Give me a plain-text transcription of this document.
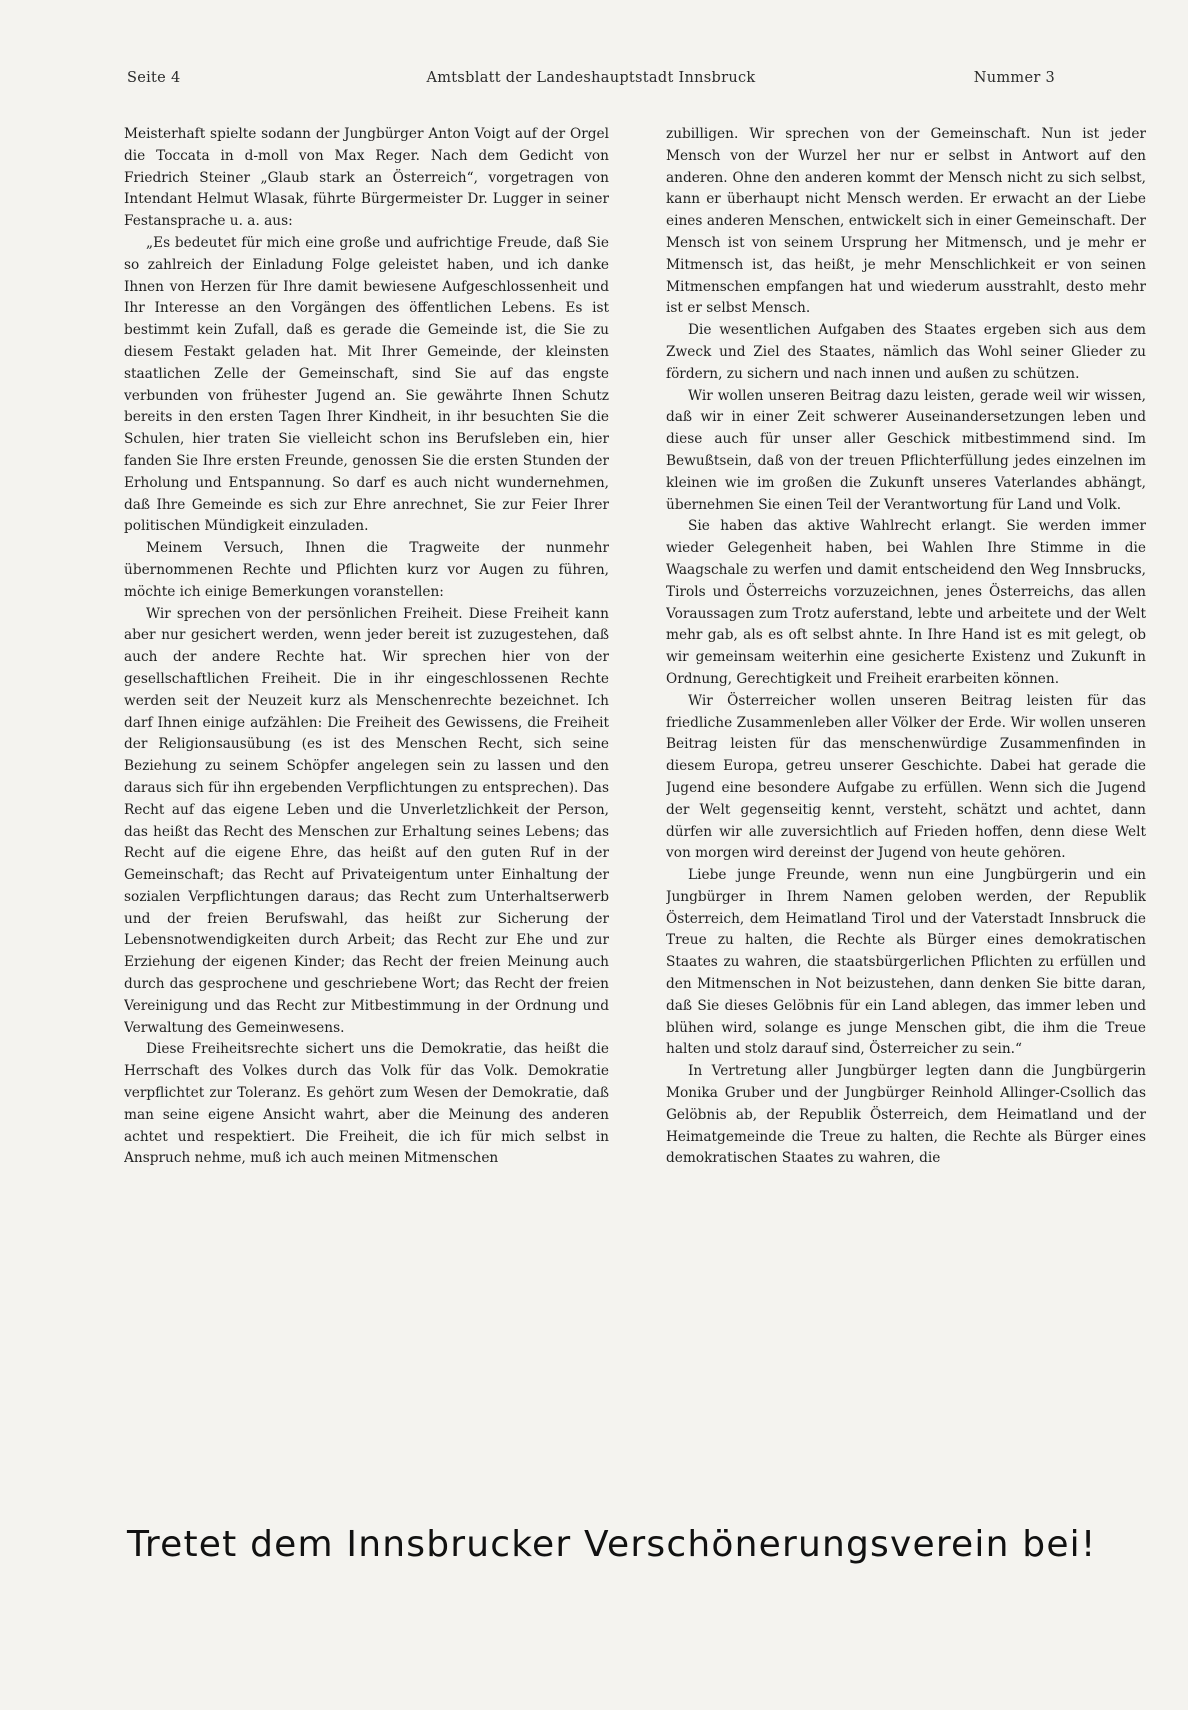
Seite 4	Amtsblatt der Landeshauptstadt Innsbruck	Nummer 3

Meisterhaft spielte sodann der Jungbürger Anton Voigt auf der Orgel die Toccata in d-moll von Max Reger. Nach dem Gedicht von Friedrich Steiner „Glaub stark an Österreich“, vorgetragen von Intendant Helmut Wlasak, führte Bürgermeister Dr. Lugger in seiner Festansprache u. a. aus:

„Es bedeutet für mich eine große und aufrichtige Freude, daß Sie so zahlreich der Einladung Folge geleistet haben, und ich danke Ihnen von Herzen für Ihre damit bewiesene Aufgeschlossenheit und Ihr Interesse an den Vorgängen des öffentlichen Lebens. Es ist bestimmt kein Zufall, daß es gerade die Gemeinde ist, die Sie zu diesem Festakt geladen hat. Mit Ihrer Gemeinde, der kleinsten staatlichen Zelle der Gemeinschaft, sind Sie auf das engste verbunden von frühester Jugend an. Sie gewährte Ihnen Schutz bereits in den ersten Tagen Ihrer Kindheit, in ihr besuchten Sie die Schulen, hier traten Sie vielleicht schon ins Berufsleben ein, hier fanden Sie Ihre ersten Freunde, genossen Sie die ersten Stunden der Erholung und Entspannung. So darf es auch nicht wundernehmen, daß Ihre Gemeinde es sich zur Ehre anrechnet, Sie zur Feier Ihrer politischen Mündigkeit einzuladen.

Meinem Versuch, Ihnen die Tragweite der nunmehr übernommenen Rechte und Pflichten kurz vor Augen zu führen, möchte ich einige Bemerkungen voranstellen:

Wir sprechen von der persönlichen Freiheit. Diese Freiheit kann aber nur gesichert werden, wenn jeder bereit ist zuzugestehen, daß auch der andere Rechte hat. Wir sprechen hier von der gesellschaftlichen Freiheit. Die in ihr eingeschlossenen Rechte werden seit der Neuzeit kurz als Menschenrechte bezeichnet. Ich darf Ihnen einige aufzählen: Die Freiheit des Gewissens, die Freiheit der Religionsausübung (es ist des Menschen Recht, sich seine Beziehung zu seinem Schöpfer angelegen sein zu lassen und den daraus sich für ihn ergebenden Verpflichtungen zu entsprechen). Das Recht auf das eigene Leben und die Unverletzlichkeit der Person, das heißt das Recht des Menschen zur Erhaltung seines Lebens; das Recht auf die eigene Ehre, das heißt auf den guten Ruf in der Gemeinschaft; das Recht auf Privateigentum unter Einhaltung der sozialen Verpflichtungen daraus; das Recht zum Unterhaltserwerb und der freien Berufswahl, das heißt zur Sicherung der Lebensnotwendigkeiten durch Arbeit; das Recht zur Ehe und zur Erziehung der eigenen Kinder; das Recht der freien Meinung auch durch das gesprochene und geschriebene Wort; das Recht der freien Vereinigung und das Recht zur Mitbestimmung in der Ordnung und Verwaltung des Gemeinwesens.

Diese Freiheitsrechte sichert uns die Demokratie, das heißt die Herrschaft des Volkes durch das Volk für das Volk. Demokratie verpflichtet zur Toleranz. Es gehört zum Wesen der Demokratie, daß man seine eigene Ansicht wahrt, aber die Meinung des anderen achtet und respektiert. Die Freiheit, die ich für mich selbst in Anspruch nehme, muß ich auch meinen Mitmenschen

zubilligen. Wir sprechen von der Gemeinschaft. Nun ist jeder Mensch von der Wurzel her nur er selbst in Antwort auf den anderen. Ohne den anderen kommt der Mensch nicht zu sich selbst, kann er überhaupt nicht Mensch werden. Er erwacht an der Liebe eines anderen Menschen, entwickelt sich in einer Gemeinschaft. Der Mensch ist von seinem Ursprung her Mitmensch, und je mehr er Mitmensch ist, das heißt, je mehr Menschlichkeit er von seinen Mitmenschen empfangen hat und wiederum ausstrahlt, desto mehr ist er selbst Mensch.

Die wesentlichen Aufgaben des Staates ergeben sich aus dem Zweck und Ziel des Staates, nämlich das Wohl seiner Glieder zu fördern, zu sichern und nach innen und außen zu schützen.

Wir wollen unseren Beitrag dazu leisten, gerade weil wir wissen, daß wir in einer Zeit schwerer Auseinandersetzungen leben und diese auch für unser aller Geschick mitbestimmend sind. Im Bewußtsein, daß von der treuen Pflichterfüllung jedes einzelnen im kleinen wie im großen die Zukunft unseres Vaterlandes abhängt, übernehmen Sie einen Teil der Verantwortung für Land und Volk.

Sie haben das aktive Wahlrecht erlangt. Sie werden immer wieder Gelegenheit haben, bei Wahlen Ihre Stimme in die Waagschale zu werfen und damit entscheidend den Weg Innsbrucks, Tirols und Österreichs vorzuzeichnen, jenes Österreichs, das allen Voraussagen zum Trotz auferstand, lebte und arbeitete und der Welt mehr gab, als es oft selbst ahnte. In Ihre Hand ist es mit gelegt, ob wir gemeinsam weiterhin eine gesicherte Existenz und Zukunft in Ordnung, Gerechtigkeit und Freiheit erarbeiten können.

Wir Österreicher wollen unseren Beitrag leisten für das friedliche Zusammenleben aller Völker der Erde. Wir wollen unseren Beitrag leisten für das menschenwürdige Zusammenfinden in diesem Europa, getreu unserer Geschichte. Dabei hat gerade die Jugend eine besondere Aufgabe zu erfüllen. Wenn sich die Jugend der Welt gegenseitig kennt, versteht, schätzt und achtet, dann dürfen wir alle zuversichtlich auf Frieden hoffen, denn diese Welt von morgen wird dereinst der Jugend von heute gehören.

Liebe junge Freunde, wenn nun eine Jungbürgerin und ein Jungbürger in Ihrem Namen geloben werden, der Republik Österreich, dem Heimatland Tirol und der Vaterstadt Innsbruck die Treue zu halten, die Rechte als Bürger eines demokratischen Staates zu wahren, die staatsbürgerlichen Pflichten zu erfüllen und den Mitmenschen in Not beizustehen, dann denken Sie bitte daran, daß Sie dieses Gelöbnis für ein Land ablegen, das immer leben und blühen wird, solange es junge Menschen gibt, die ihm die Treue halten und stolz darauf sind, Österreicher zu sein.“

In Vertretung aller Jungbürger legten dann die Jungbürgerin Monika Gruber und der Jungbürger Reinhold Allinger-Csollich das Gelöbnis ab, der Republik Österreich, dem Heimatland und der Heimatgemeinde die Treue zu halten, die Rechte als Bürger eines demokratischen Staates zu wahren, die

Tretet dem Innsbrucker Verschönerungsverein bei!
